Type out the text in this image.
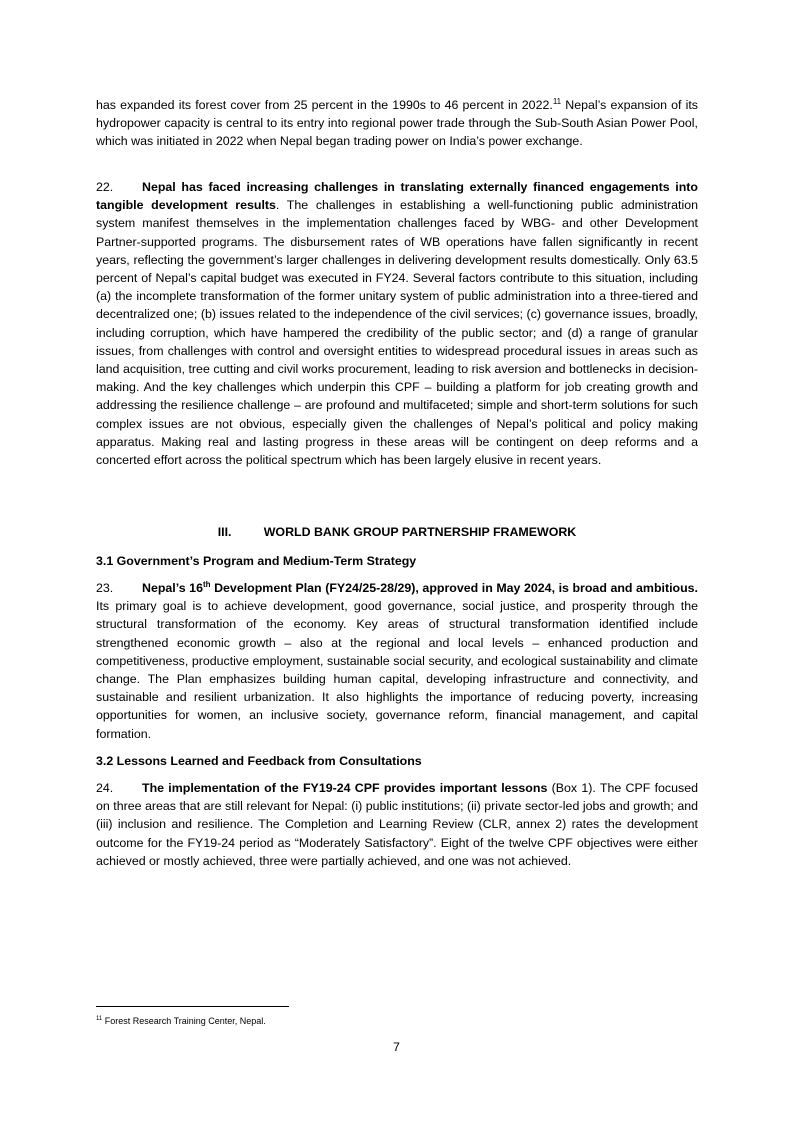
has expanded its forest cover from 25 percent in the 1990s to 46 percent in 2022.11 Nepal’s expansion of its hydropower capacity is central to its entry into regional power trade through the Sub-South Asian Power Pool, which was initiated in 2022 when Nepal began trading power on India’s power exchange.

22. Nepal has faced increasing challenges in translating externally financed engagements into tangible development results. The challenges in establishing a well-functioning public administration system manifest themselves in the implementation challenges faced by WBG- and other Development Partner-supported programs. The disbursement rates of WB operations have fallen significantly in recent years, reflecting the government’s larger challenges in delivering development results domestically. Only 63.5 percent of Nepal’s capital budget was executed in FY24. Several factors contribute to this situation, including (a) the incomplete transformation of the former unitary system of public administration into a three-tiered and decentralized one; (b) issues related to the independence of the civil services; (c) governance issues, broadly, including corruption, which have hampered the credibility of the public sector; and (d) a range of granular issues, from challenges with control and oversight entities to widespread procedural issues in areas such as land acquisition, tree cutting and civil works procurement, leading to risk aversion and bottlenecks in decision-making. And the key challenges which underpin this CPF – building a platform for job creating growth and addressing the resilience challenge – are profound and multifaceted; simple and short-term solutions for such complex issues are not obvious, especially given the challenges of Nepal’s political and policy making apparatus. Making real and lasting progress in these areas will be contingent on deep reforms and a concerted effort across the political spectrum which has been largely elusive in recent years.

III.	WORLD BANK GROUP PARTNERSHIP FRAMEWORK
3.1 Government’s Program and Medium-Term Strategy

23. Nepal’s 16th Development Plan (FY24/25-28/29), approved in May 2024, is broad and ambitious. Its primary goal is to achieve development, good governance, social justice, and prosperity through the structural transformation of the economy. Key areas of structural transformation identified include strengthened economic growth – also at the regional and local levels – enhanced production and competitiveness, productive employment, sustainable social security, and ecological sustainability and climate change. The Plan emphasizes building human capital, developing infrastructure and connectivity, and sustainable and resilient urbanization. It also highlights the importance of reducing poverty, increasing opportunities for women, an inclusive society, governance reform, financial management, and capital formation.

3.2 Lessons Learned and Feedback from Consultations

24. The implementation of the FY19-24 CPF provides important lessons (Box 1). The CPF focused on three areas that are still relevant for Nepal: (i) public institutions; (ii) private sector-led jobs and growth; and (iii) inclusion and resilience. The Completion and Learning Review (CLR, annex 2) rates the development outcome for the FY19-24 period as “Moderately Satisfactory”. Eight of the twelve CPF objectives were either achieved or mostly achieved, three were partially achieved, and one was not achieved.

$^{11}$ Forest Research Training Center, Nepal.

7
